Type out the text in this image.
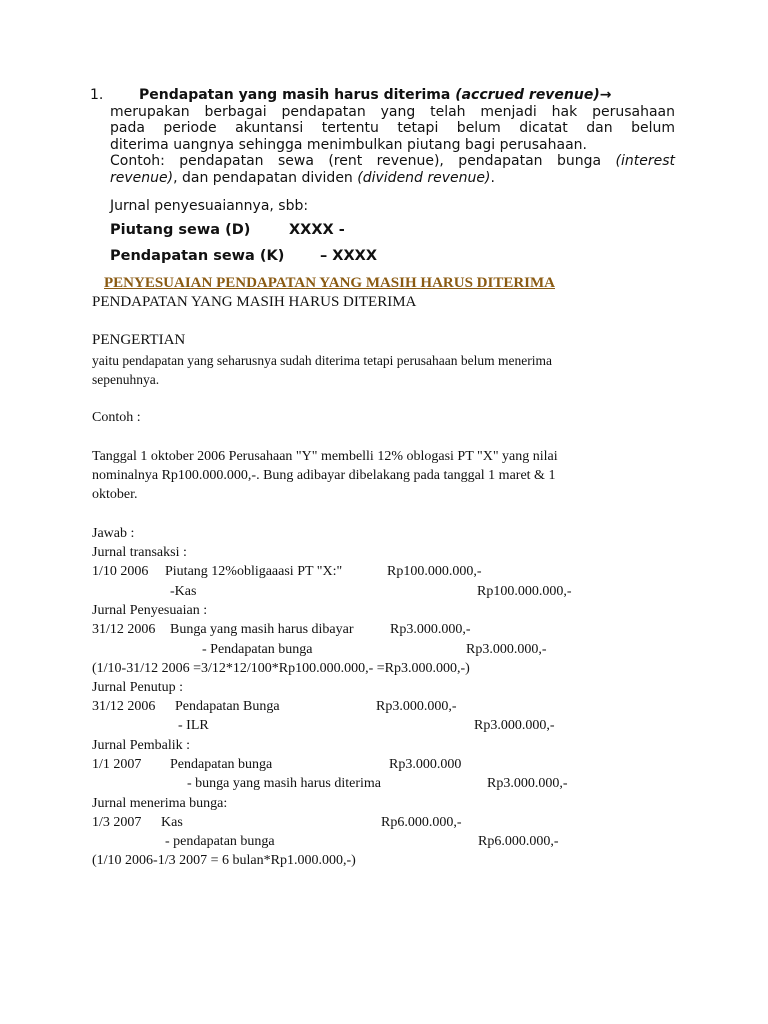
1.	Pendapatan yang masih harus diterima (accrued revenue)→
merupakan berbagai pendapatan yang telah menjadi hak perusahaan
pada periode akuntansi tertentu tetapi belum dicatat dan belum
diterima uangnya sehingga menimbulkan piutang bagi perusahaan.
Contoh: pendapatan sewa (rent revenue), pendapatan bunga (interest
revenue), dan pendapatan dividen (dividend revenue).
Jurnal penyesuaiannya, sbb:
Piutang sewa (D)	XXXX -
Pendapatan sewa (K) – XXXX
PENYESUAIAN PENDAPATAN YANG MASIH HARUS DITERIMA
PENDAPATAN YANG MASIH HARUS DITERIMA
PENGERTIAN
yaitu pendapatan yang seharusnya sudah diterima tetapi perusahaan belum menerima
sepenuhnya.
Contoh :
Tanggal 1 oktober 2006 Perusahaan "Y" membelli 12% oblogasi PT "X" yang nilai
nominalnya Rp100.000.000,-. Bung adibayar dibelakang pada tanggal 1 maret & 1
oktober.
Jawab :
Jurnal transaksi :
1/10 2006 Piutang 12%obligaaasi PT "X:"	Rp100.000.000,-
-Kas	Rp100.000.000,-
Jurnal Penyesuaian :
31/12 2006 Bunga yang masih harus dibayar	Rp3.000.000,-
- Pendapatan bunga	Rp3.000.000,-
(1/10-31/12 2006 =3/12*12/100*Rp100.000.000,- =Rp3.000.000,-)
Jurnal Penutup :
31/12 2006 Pendapatan Bunga	Rp3.000.000,-
- ILR	Rp3.000.000,-
Jurnal Pembalik :
1/1 2007 Pendapatan bunga	Rp3.000.000
- bunga yang masih harus diterima	Rp3.000.000,-
Jurnal menerima bunga:
1/3 2007 Kas	Rp6.000.000,-
- pendapatan bunga	Rp6.000.000,-
(1/10 2006-1/3 2007 = 6 bulan*Rp1.000.000,-)
